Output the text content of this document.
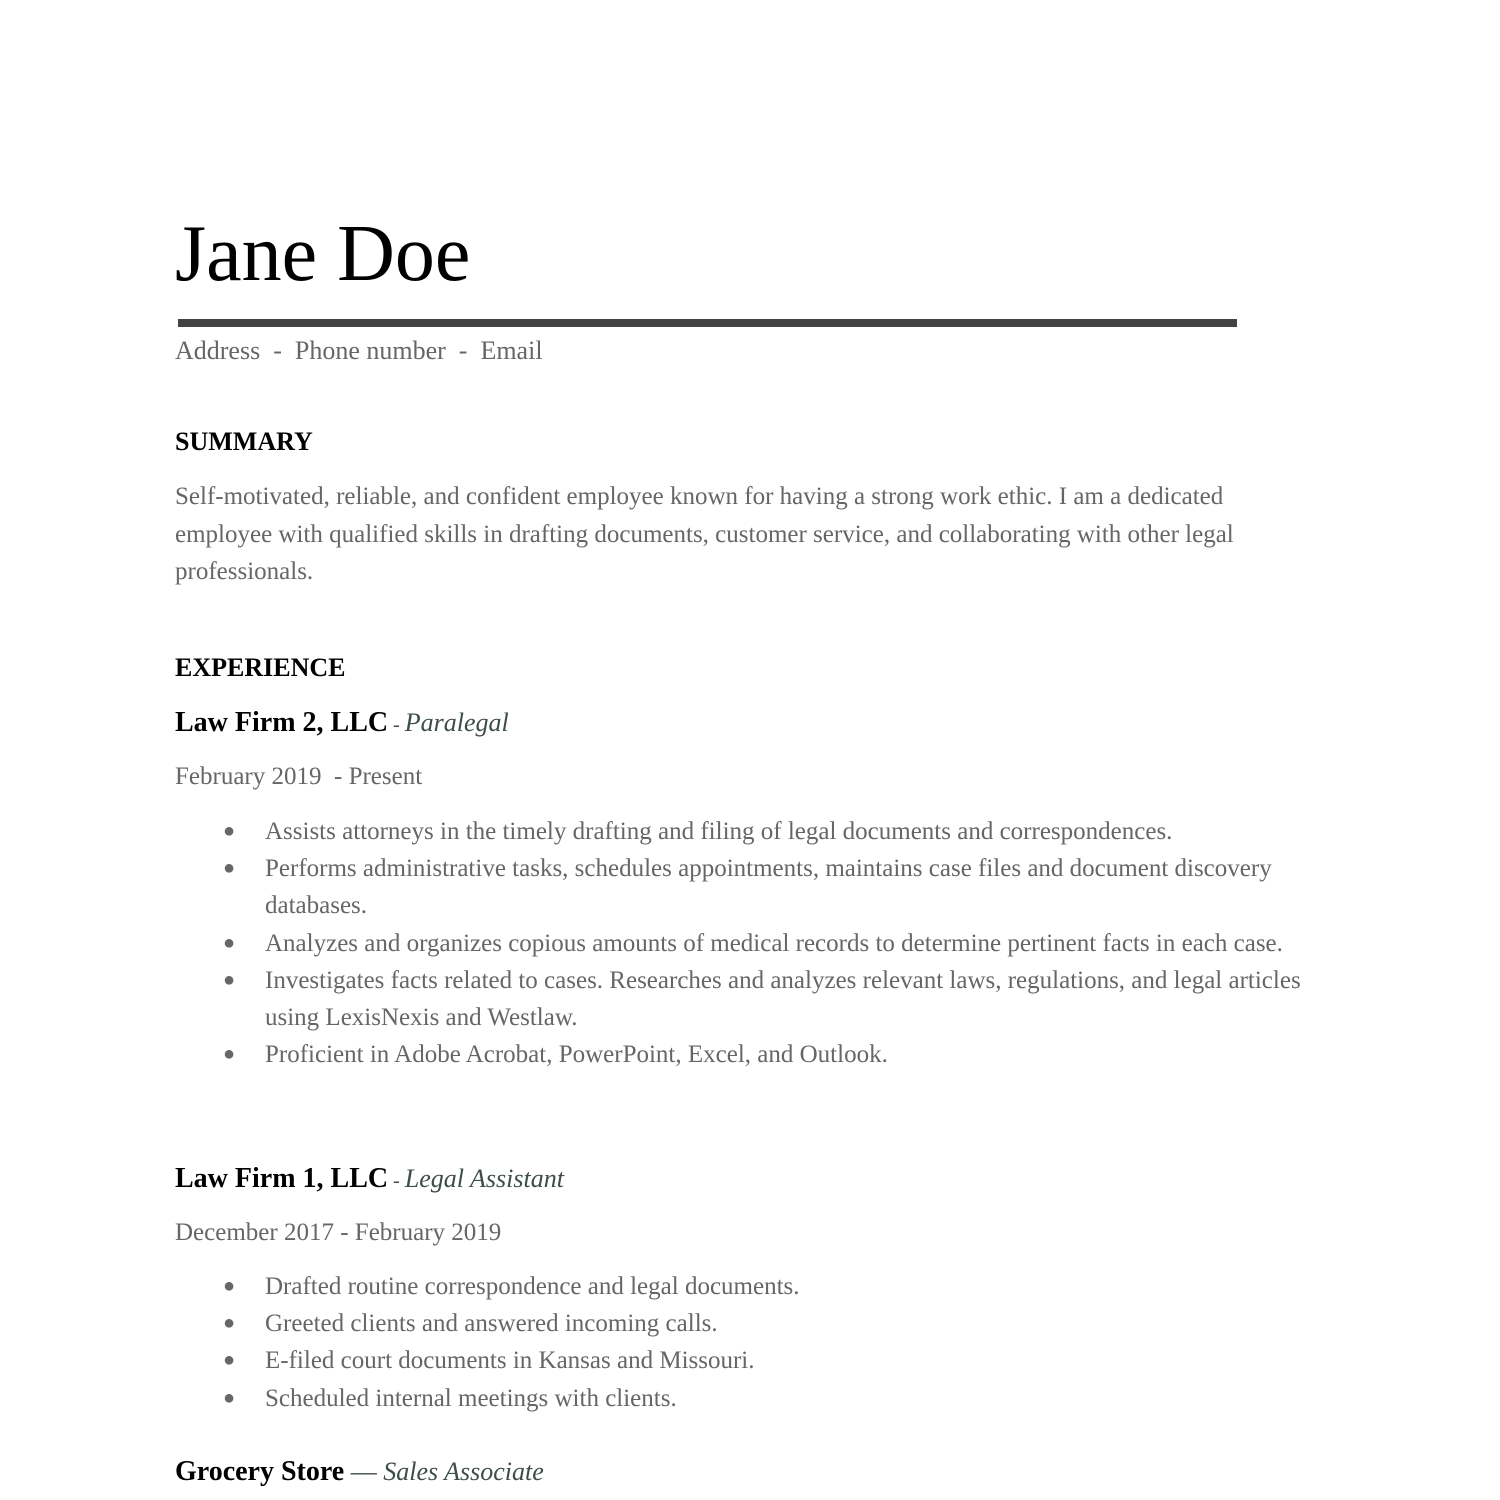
Jane Doe
Address  -  Phone number  -  Email
SUMMARY
Self-motivated, reliable, and confident employee known for having a strong work ethic. I am a dedicated employee with qualified skills in drafting documents, customer service, and collaborating with other legal professionals.
EXPERIENCE
Law Firm 2, LLC - Paralegal
February 2019  - Present
● Assists attorneys in the timely drafting and filing of legal documents and correspondences.
● Performs administrative tasks, schedules appointments, maintains case files and document discovery databases.
● Analyzes and organizes copious amounts of medical records to determine pertinent facts in each case.
● Investigates facts related to cases. Researches and analyzes relevant laws, regulations, and legal articles using LexisNexis and Westlaw.
● Proficient in Adobe Acrobat, PowerPoint, Excel, and Outlook.
Law Firm 1, LLC - Legal Assistant
December 2017 - February 2019
● Drafted routine correspondence and legal documents.
● Greeted clients and answered incoming calls.
● E-filed court documents in Kansas and Missouri.
● Scheduled internal meetings with clients.
Grocery Store — Sales Associate
